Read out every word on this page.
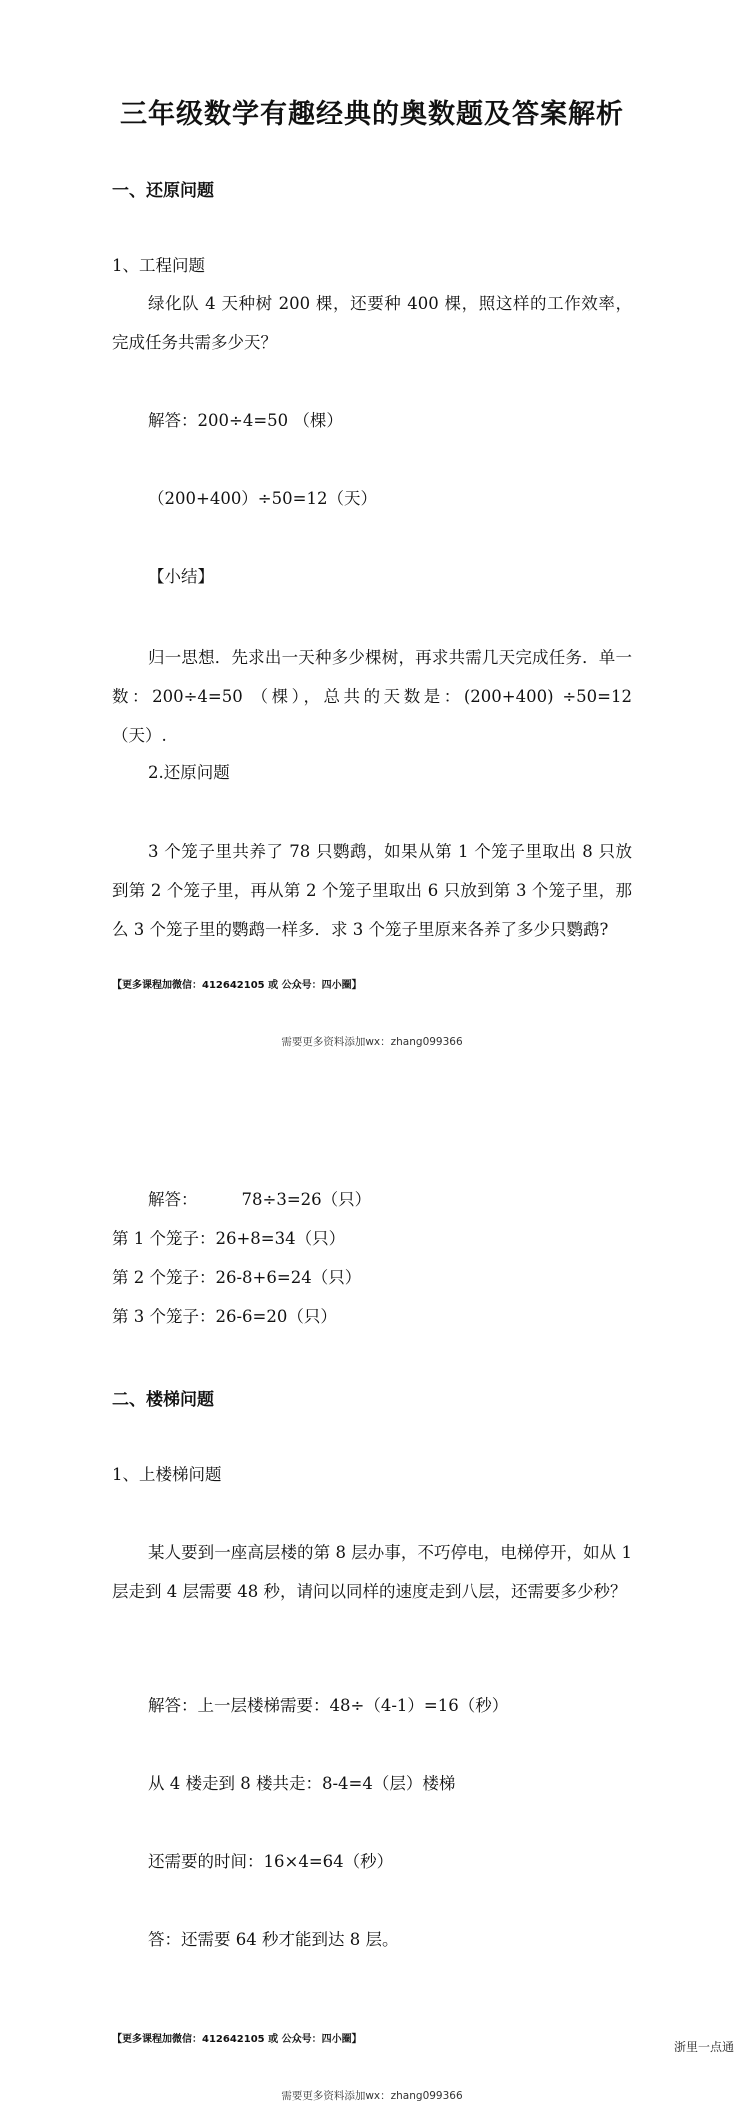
三年级数学有趣经典的奥数题及答案解析
一、还原问题

1、工程问题

绿化队 4 天种树 200 棵，还要种 400 棵，照这样的工作效率，完成任务共需多少天？

解答：200÷4=50 （棵）

（200+400）÷50=12（天）

【小结】

归一思想．先求出一天种多少棵树，再求共需几天完成任务．单一数：200÷4=50 （棵），总共的天数是：(200+400) ÷50=12 （天）.

2.还原问题

3 个笼子里共养了 78 只鹦鹉，如果从第 1 个笼子里取出 8 只放到第 2 个笼子里，再从第 2 个笼子里取出 6 只放到第 3 个笼子里，那么 3 个笼子里的鹦鹉一样多．求 3 个笼子里原来各养了多少只鹦鹉?

【更多课程加微信：412642105 或 公众号：四小圈】

需要更多资料添加wx：zhang099366

解答：	78÷3=26（只）

第 1 个笼子：26+8=34（只）

第 2 个笼子：26-8+6=24（只）

第 3 个笼子：26-6=20（只）

二、楼梯问题

1、上楼梯问题

某人要到一座高层楼的第 8 层办事，不巧停电，电梯停开，如从 1 层走到 4 层需要 48 秒，请问以同样的速度走到八层，还需要多少秒？

解答：上一层楼梯需要：48÷（4-1）=16（秒）

从 4 楼走到 8 楼共走：8-4=4（层）楼梯

还需要的时间：16×4=64（秒）

答：还需要 64 秒才能到达 8 层。

【更多课程加微信：412642105 或 公众号：四小圈】

浙里一点通

需要更多资料添加wx：zhang099366
